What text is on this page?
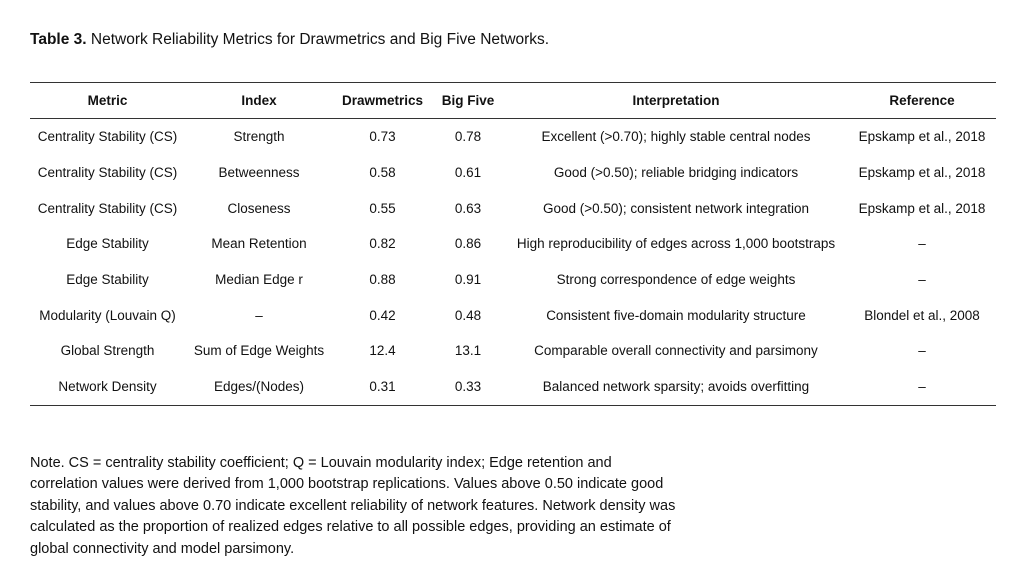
Table 3. Network Reliability Metrics for Drawmetrics and Big Five Networks.
Metric	Index	Drawmetrics	Big Five	Interpretation	Reference
Centrality Stability (CS)	Strength	0.73	0.78	Excellent (>0.70); highly stable central nodes	Epskamp et al., 2018
Centrality Stability (CS)	Betweenness	0.58	0.61	Good (>0.50); reliable bridging indicators	Epskamp et al., 2018
Centrality Stability (CS)	Closeness	0.55	0.63	Good (>0.50); consistent network integration	Epskamp et al., 2018
Edge Stability	Mean Retention	0.82	0.86	High reproducibility of edges across 1,000 bootstraps	–
Edge Stability	Median Edge r	0.88	0.91	Strong correspondence of edge weights	–
Modularity (Louvain Q)	–	0.42	0.48	Consistent five-domain modularity structure	Blondel et al., 2008
Global Strength	Sum of Edge Weights	12.4	13.1	Comparable overall connectivity and parsimony	–
Network Density	Edges/(Nodes)	0.31	0.33	Balanced network sparsity; avoids overfitting	–

Note. CS = centrality stability coefficient; Q = Louvain modularity index; Edge retention and correlation values were derived from 1,000 bootstrap replications. Values above 0.50 indicate good stability, and values above 0.70 indicate excellent reliability of network features. Network density was calculated as the proportion of realized edges relative to all possible edges, providing an estimate of global connectivity and model parsimony.
